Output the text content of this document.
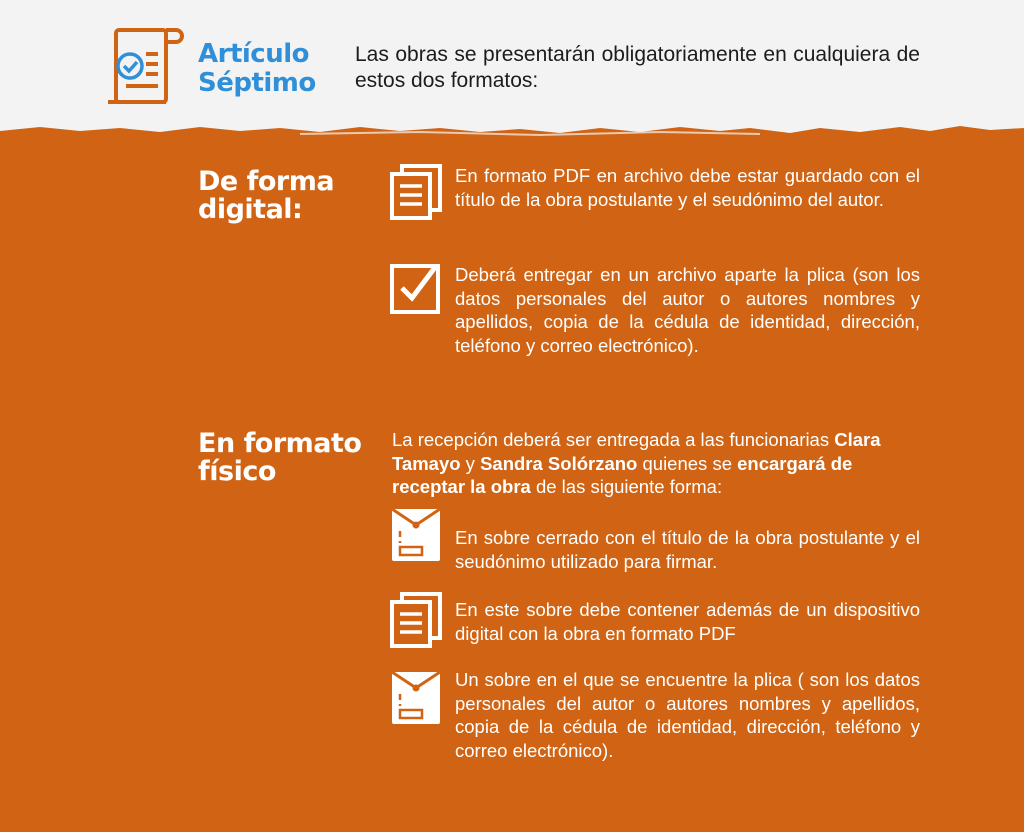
Artículo
Séptimo
Las obras se presentarán obligatoriamente en cualquiera de estos dos formatos:
De forma
digital:
En formato PDF en archivo debe estar guardado con el título de la obra postulante y el seudónimo del autor.
Deberá entregar en un archivo aparte la plica (son los datos personales del autor o autores nombres y apellidos, copia de la cédula de identidad, dirección, teléfono y correo electrónico).
En formato
físico
La recepción deberá ser entregada a las funcionarias Clara Tamayo y Sandra Solórzano quienes se encargará de receptar la obra de las siguiente forma:
En sobre cerrado con el título de la obra postulante y el seudónimo utilizado para firmar.
En este sobre debe contener además de un dispositivo digital con la obra en formato PDF
Un sobre en el que se encuentre la plica ( son los datos personales del autor o autores nombres y apellidos, copia de la cédula de identidad, dirección, teléfono y correo electrónico).
